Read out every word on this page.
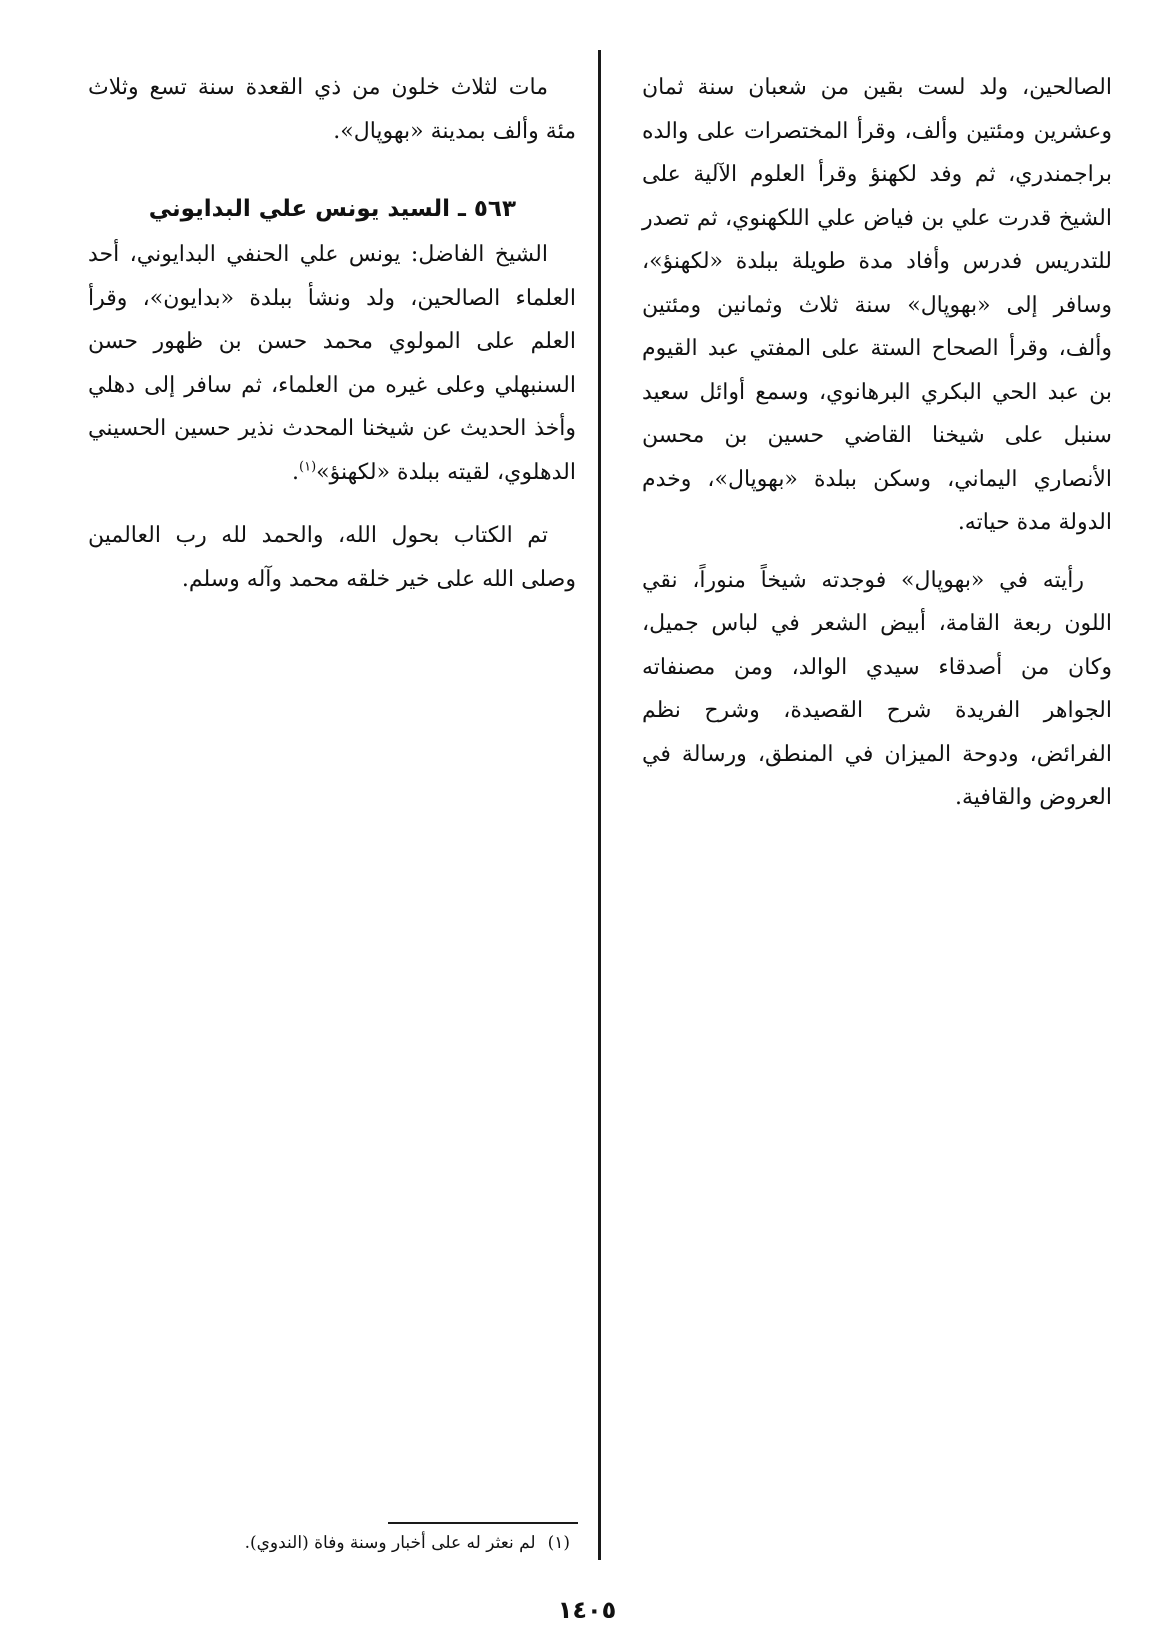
الصالحين، ولد لست بقين من شعبان سنة ثمان وعشرين ومئتين وألف، وقرأ المختصرات على والده براجمندري، ثم وفد لكهنؤ وقرأ العلوم الآلية على الشيخ قدرت علي بن فياض علي اللكهنوي، ثم تصدر للتدريس فدرس وأفاد مدة طويلة ببلدة «لكهنؤ»، وسافر إلى «بهوپال» سنة ثلاث وثمانين ومئتين وألف، وقرأ الصحاح الستة على المفتي عبد القيوم بن عبد الحي البكري البرهانوي، وسمع أوائل سعيد سنبل على شيخنا القاضي حسين بن محسن الأنصاري اليماني، وسكن ببلدة «بهوپال»، وخدم الدولة مدة حياته.

رأيته في «بهوپال» فوجدته شيخاً منوراً، نقي اللون ربعة القامة، أبيض الشعر في لباس جميل، وكان من أصدقاء سيدي الوالد، ومن مصنفاته الجواهر الفريدة شرح القصيدة، وشرح نظم الفرائض، ودوحة الميزان في المنطق، ورسالة في العروض والقافية.

مات لثلاث خلون من ذي القعدة سنة تسع وثلاث مئة وألف بمدينة «بهوپال».

٥٦٣ ـ السيد يونس علي البدايوني

الشيخ الفاضل: يونس علي الحنفي البدايوني، أحد العلماء الصالحين، ولد ونشأ ببلدة «بدايون»، وقرأ العلم على المولوي محمد حسن بن ظهور حسن السنبهلي وعلى غيره من العلماء، ثم سافر إلى دهلي وأخذ الحديث عن شيخنا المحدث نذير حسين الحسيني الدهلوي، لقيته ببلدة «لكهنؤ»$^{(١)}$.

تم الكتاب بحول الله، والحمد لله رب العالمين وصلى الله على خير خلقه محمد وآله وسلم.

(١)لم نعثر له على أخبار وسنة وفاة (الندوي).
١٤٠٥
